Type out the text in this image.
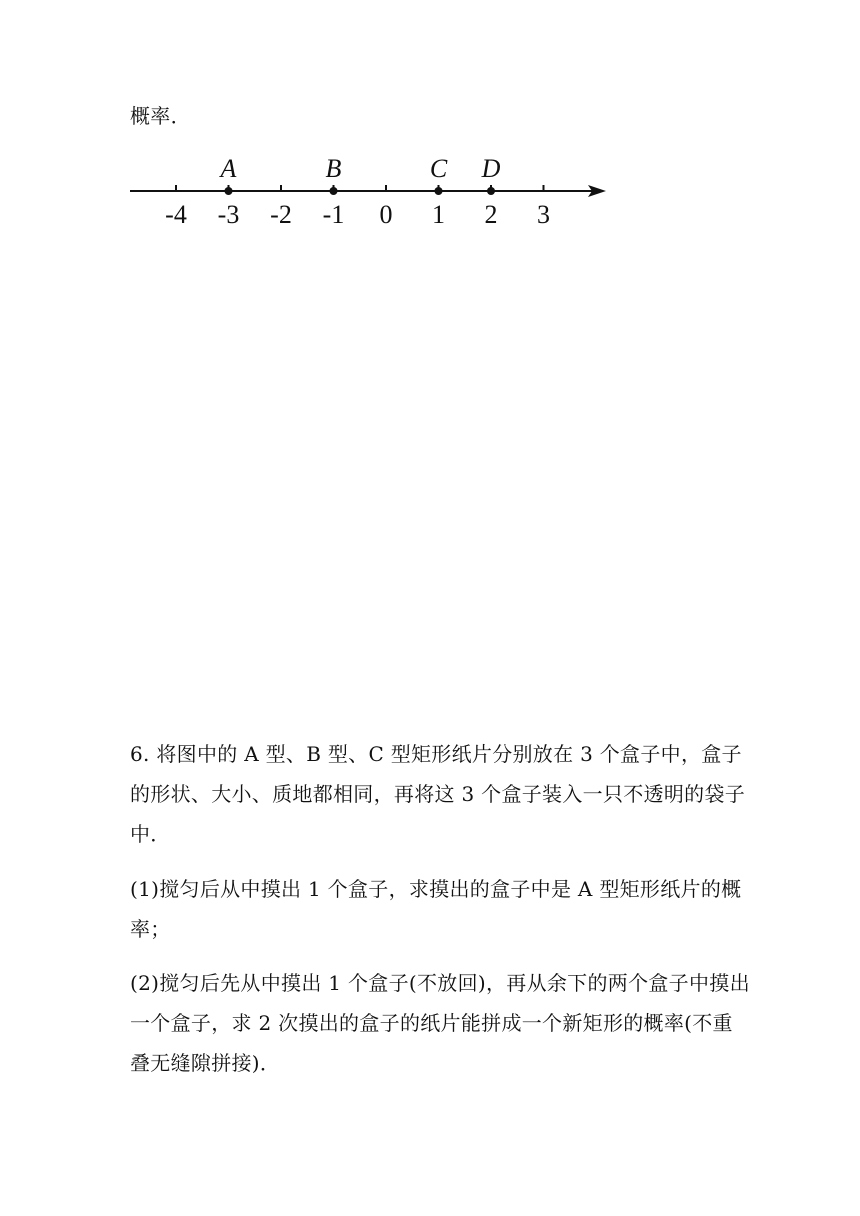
概率．
-4 -3 -2 -1 0 1 2 3
A	B	C D
6. 将图中的 A 型、B 型、C 型矩形纸片分别放在 3 个盒子中，盒子
的形状、大小、质地都相同，再将这 3 个盒子装入一只不透明的袋子
中．
(1)搅匀后从中摸出 1 个盒子，求摸出的盒子中是 A 型矩形纸片的概
率；
(2)搅匀后先从中摸出 1 个盒子(不放回)，再从余下的两个盒子中摸出
一个盒子，求 2 次摸出的盒子的纸片能拼成一个新矩形的概率(不重
叠无缝隙拼接)．
